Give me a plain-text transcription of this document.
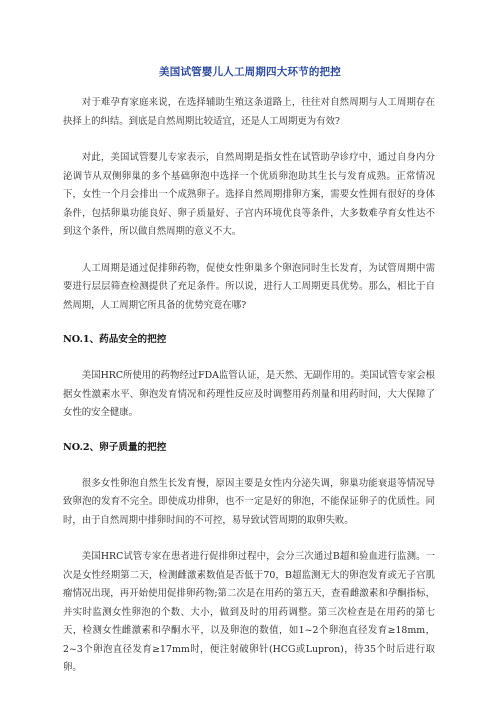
美国试管婴儿人工周期四大环节的把控

对于难孕育家庭来说，在选择辅助生殖这条道路上，往往对自然周期与人工周期存在抉择上的纠结。到底是自然周期比较适宜，还是人工周期更为有效?

对此，美国试管婴儿专家表示，自然周期是指女性在试管助孕诊疗中，通过自身内分泌调节从双侧卵巢的多个基础卵泡中选择一个优质卵泡助其生长与发育成熟。正常情况下，女性一个月会排出一个成熟卵子。选择自然周期排卵方案，需要女性拥有很好的身体条件，包括卵巢功能良好、卵子质量好、子宫内环境优良等条件，大多数难孕育女性达不到这个条件，所以做自然周期的意义不大。

人工周期是通过促排卵药物，促使女性卵巢多个卵泡同时生长发育，为试管周期中需要进行层层筛查检测提供了充足条件。所以说，进行人工周期更具优势。那么，相比于自然周期，人工周期它所具备的优势究竟在哪?

NO.1、药品安全的把控

美国HRC所使用的药物经过FDA监管认证，是天然、无副作用的。美国试管专家会根据女性激素水平、卵泡发育情况和药理性反应及时调整用药剂量和用药时间，大大保障了女性的安全健康。

NO.2、卵子质量的把控

很多女性卵泡自然生长发育慢，原因主要是女性内分泌失调，卵巢功能衰退等情况导致卵泡的发育不完全。即使成功排卵，也不一定是好的卵泡，不能保证卵子的优质性。同时，由于自然周期中排卵时间的不可控，易导致试管周期的取卵失败。

美国HRC试管专家在患者进行促排卵过程中，会分三次通过B超和验血进行监测。一次是女性经期第二天，检测雌激素数值是否低于70，B超监测无大的卵泡发育或无子宫肌瘤情况出现，再开始使用促排卵药物;第二次是在用药的第五天，查看雌激素和孕酮指标，并实时监测女性卵泡的个数、大小，做到及时的用药调整。第三次检查是在用药的第七天，检测女性雌激素和孕酮水平，以及卵泡的数值，如1~2个卵泡直径发育≥18mm，2~3个卵泡直径发育≥17mm时，便注射破卵针(HCG或Lupron)，待35个时后进行取卵。
